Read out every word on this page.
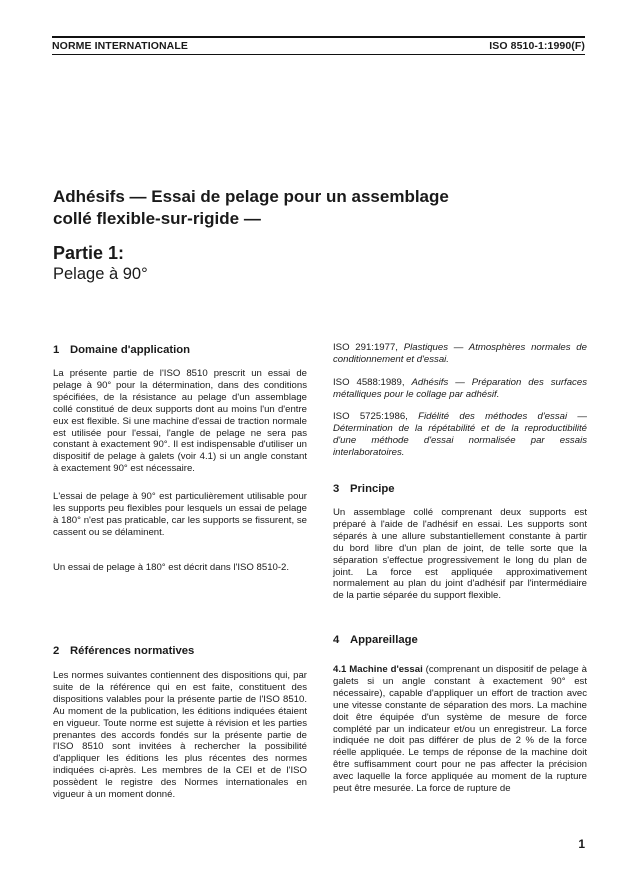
NORME INTERNATIONALE	ISO 8510-1:1990(F)
Adhésifs — Essai de pelage pour un assemblage collé flexible-sur-rigide —
Partie 1:
Pelage à 90°
1 Domaine d'application

La présente partie de l'ISO 8510 prescrit un essai de pelage à 90° pour la détermination, dans des conditions spécifiées, de la résistance au pelage d'un assemblage collé constitué de deux supports dont au moins l'un d'entre eux est flexible. Si une machine d'essai de traction normale est utilisée pour l'essai, l'angle de pelage ne sera pas constant à exactement 90°. Il est indispensable d'utiliser un dispositif de pelage à galets (voir 4.1) si un angle constant à exactement 90° est nécessaire.

L'essai de pelage à 90° est particulièrement utilisable pour les supports peu flexibles pour lesquels un essai de pelage à 180° n'est pas praticable, car les supports se fissurent, se cassent ou se délaminent.

Un essai de pelage à 180° est décrit dans l'ISO 8510-2.

2 Références normatives

Les normes suivantes contiennent des dispositions qui, par suite de la référence qui en est faite, constituent des dispositions valables pour la présente partie de l'ISO 8510. Au moment de la publication, les éditions indiquées étaient en vigueur. Toute norme est sujette à révision et les parties prenantes des accords fondés sur la présente partie de l'ISO 8510 sont invitées à rechercher la possibilité d'appliquer les éditions les plus récentes des normes indiquées ci-après. Les membres de la CEI et de l'ISO possèdent le registre des Normes internationales en vigueur à un moment donné.

ISO 291:1977, Plastiques — Atmosphères normales de conditionnement et d'essai.

ISO 4588:1989, Adhésifs — Préparation des surfaces métalliques pour le collage par adhésif.

ISO 5725:1986, Fidélité des méthodes d'essai — Détermination de la répétabilité et de la reproductibilité d'une méthode d'essai normalisée par essais interlaboratoires.

3 Principe

Un assemblage collé comprenant deux supports est préparé à l'aide de l'adhésif en essai. Les supports sont séparés à une allure substantiellement constante à partir du bord libre d'un plan de joint, de telle sorte que la séparation s'effectue progressivement le long du plan de joint. La force est appliquée approximativement normalement au plan du joint d'adhésif par l'intermédiaire de la partie séparée du support flexible.

4 Appareillage

4.1 Machine d'essai (comprenant un dispositif de pelage à galets si un angle constant à exactement 90° est nécessaire), capable d'appliquer un effort de traction avec une vitesse constante de séparation des mors. La machine doit être équipée d'un système de mesure de force complété par un indicateur et/ou un enregistreur. La force indiquée ne doit pas différer de plus de 2 % de la force réelle appliquée. Le temps de réponse de la machine doit être suffisamment court pour ne pas affecter la précision avec laquelle la force appliquée au moment de la rupture peut être mesurée. La force de rupture de

1
